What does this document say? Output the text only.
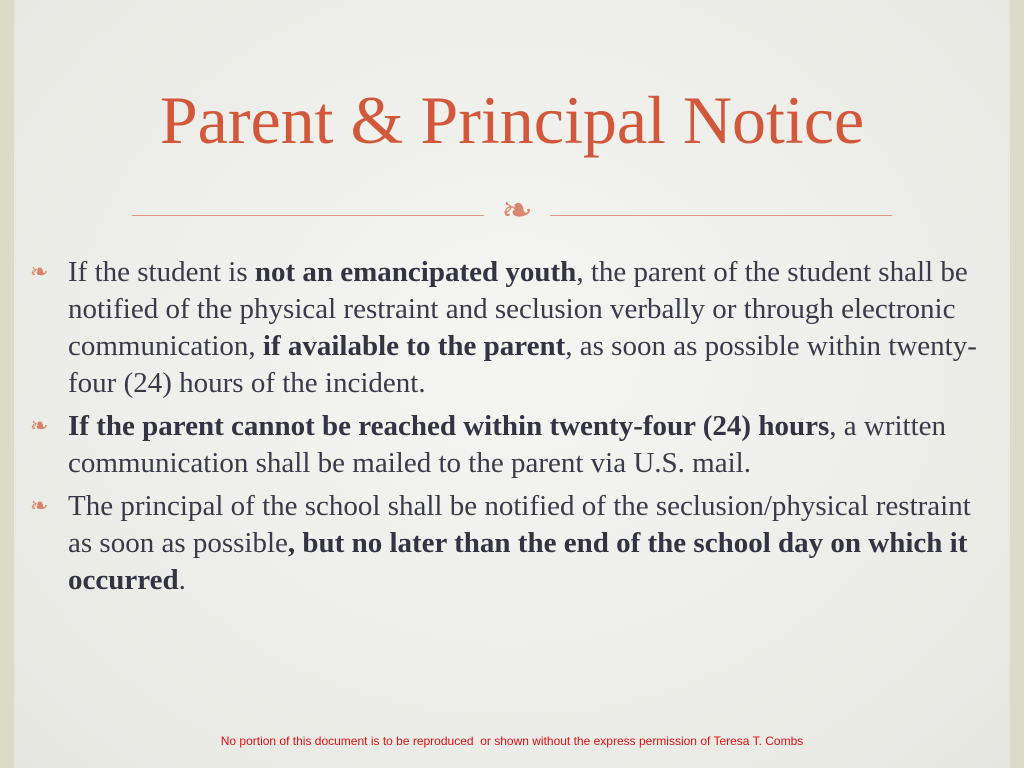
Parent & Principal Notice
❧
❧ If the student is not an emancipated youth, the parent of the student shall be notified of the physical restraint and seclusion verbally or through electronic communication, if available to the parent, as soon as possible within twenty-four (24) hours of the incident.
❧ If the parent cannot be reached within twenty-four (24) hours, a written communication shall be mailed to the parent via U.S. mail.
❧ The principal of the school shall be notified of the seclusion/physical restraint as soon as possible, but no later than the end of the school day on which it occurred.
No portion of this document is to be reproduced  or shown without the express permission of Teresa T. Combs
